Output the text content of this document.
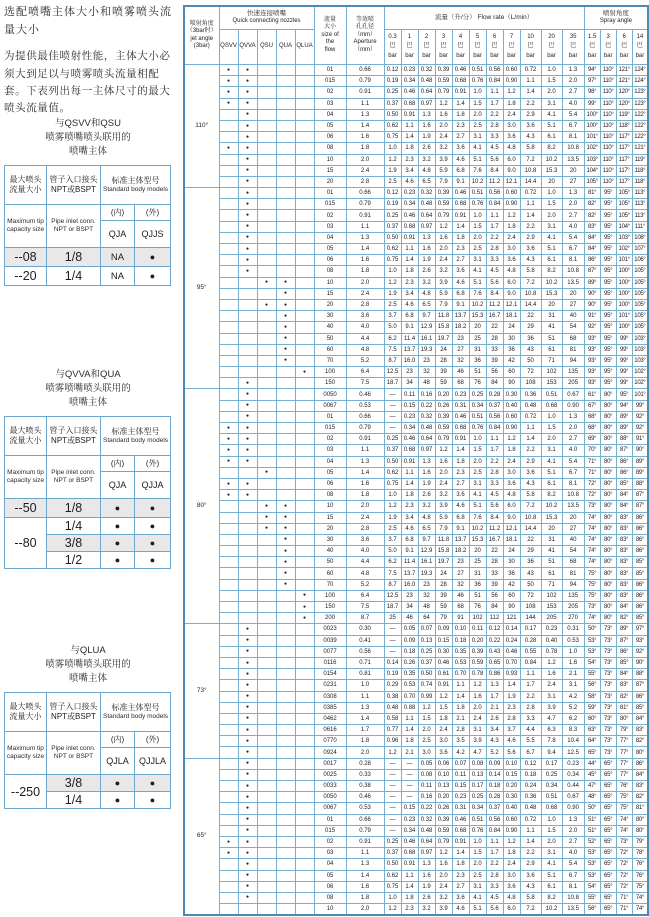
选配喷嘴主体大小和喷雾喷头流量大小
为提供最佳喷射性能，主体大小必须大到足以与喷雾喷头流量相配套。下表列出每一主体尺寸的最大喷头流量值。
与QSVV和QSU
喷雾喷嘴喷头联用的
喷嘴主体
最大喷头流量大小	管子入口接头NPT或BSPT	标准主体型号
Standard body models	

Maximum tip capacity size	Pipe inlet conn. NPT or BSPT	(内)	(外)
		QJA	QJJS
--08	1/8	NA	●
--20	1/4	NA	●
与QVVA和QUA
喷雾喷嘴喷头联用的
喷嘴主体
最大喷头流量大小	管子入口接头NPT或BSPT	标准主体型号
Standard body models	

Maximum tip capacity size	Pipe inlet conn. NPT or BSPT	(内)	(外)
		QJA	QJJA
--50	1/8	●	●
--80	1/4	●	●
	3/8	●	●
	1/2	●	●
与QLUA
喷雾喷嘴喷头联用的
喷嘴主体
最大喷头流量大小	管子入口接头NPT或BSPT	标准主体型号
Standard body models	

Maximum tip capacity size	Pipe inlet conn. NPT or BSPT	(内)	(外)
		QJLA	QJJLA
--250	3/8	●	●
	1/4	●	●
喷射角度
（3bar时）
jet angle
(3bar)

快速连接喷嘴
Quick connecting nozzles	流量
大小
size of
the
flow

等效喷
孔孔径
（mm）
Aperture
（mm）

流量（升/分） Flow rate（L/min）

喷射角度
Spray angle

QSVV	QVVA	QSU	QUA	QLUA	
0.3
巴
bar

1
巴
bar

2
巴
bar

3
巴
bar

4
巴
bar

5
巴
bar

6
巴
bar

7
巴
bar

10
巴
bar

20
巴
bar

35
巴
bar

1.5
巴
bar

3
巴
bar

6
巴
bar

14
巴
bar

110°	●	●				01	0.66	0.12	0.23	0.32	0.39	0.46	0.51	0.56	0.60	0.72	1.0	1.3	94°	110°	121°	124°
	●	●				015	0.79	0.19	0.34	0.48	0.59	0.68	0.76	0.84	0.90	1.1	1.5	2.0	97°	110°	121°	124°
	●	●				02	0.91	0.25	0.46	0.64	0.79	0.91	1.0	1.1	1.2	1.4	2.0	2.7	98°	110°	120°	123°
	●	●				03	1.1	0.37	0.68	0.97	1.2	1.4	1.5	1.7	1.8	2.2	3.1	4.0	99°	110°	120°	123°
		●				04	1.3	0.50	0.91	1.3	1.6	1.8	2.0	2.2	2.4	2.9	4.1	5.4	100°	110°	119°	122°
		●				05	1.4	0.62	1.1	1.6	2.0	2.3	2.5	2.8	3.0	3.6	5.1	6.7	100°	110°	118°	122°
		●				06	1.6	0.75	1.4	1.9	2.4	2.7	3.1	3.3	3.6	4.3	6.1	8.1	101°	110°	117°	122°
	●	●				08	1.8	1.0	1.8	2.6	3.2	3.6	4.1	4.5	4.8	5.8	8.2	10.8	102°	110°	117°	121°
		●				10	2.0	1.2	2.3	3.2	3.9	4.6	5.1	5.6	6.0	7.2	10.2	13.5	103°	110°	117°	119°
		●				15	2.4	1.9	3.4	4.8	5.9	6.8	7.6	8.4	9.0	10.8	15.3	20	104°	110°	117°	118°
		●				20	2.8	2.5	4.6	6.5	7.9	9.1	10.2	11.2	12.1	14.4	20	27	105°	110°	117°	118°
95°		●				01	0.66	0.12	0.23	0.32	0.39	0.46	0.51	0.56	0.60	0.72	1.0	1.3	81°	95°	105°	113°
		●				015	0.79	0.19	0.34	0.48	0.59	0.68	0.76	0.84	0.90	1.1	1.5	2.0	82°	95°	105°	113°
		●				02	0.91	0.25	0.46	0.64	0.79	0.91	1.0	1.1	1.2	1.4	2.0	2.7	82°	95°	105°	113°
		●				03	1.1	0.37	0.68	0.97	1.2	1.4	1.5	1.7	1.8	2.2	3.1	4.0	83°	95°	104°	111°
		●				04	1.3	0.50	0.91	1.3	1.6	1.8	2.0	2.2	2.4	2.9	4.1	5.4	84°	95°	103°	108°
		●				05	1.4	0.62	1.1	1.6	2.0	2.3	2.5	2.8	3.0	3.6	5.1	6.7	84°	95°	102°	107°
		●				06	1.6	0.75	1.4	1.9	2.4	2.7	3.1	3.3	3.6	4.3	6.1	8.1	86°	95°	101°	106°
		●				08	1.8	1.0	1.8	2.6	3.2	3.6	4.1	4.5	4.8	5.8	8.2	10.8	87°	95°	100°	105°
			●	●		10	2.0	1.2	2.3	3.2	3.9	4.6	5.1	5.6	6.0	7.2	10.2	13.5	89°	95°	100°	105°
				●		15	2.4	1.9	3.4	4.8	5.9	6.8	7.6	8.4	9.0	10.8	15.3	20	90°	95°	100°	105°
			●	●		20	2.8	2.5	4.6	6.5	7.9	9.1	10.2	11.2	12.1	14.4	20	27	90°	95°	100°	105°
				●		30	3.6	3.7	6.8	9.7	11.8	13.7	15.3	16.7	18.1	22	31	40	91°	95°	101°	105°
				●		40	4.0	5.0	9.1	12.9	15.8	18.2	20	22	24	29	41	54	92°	95°	100°	105°
				●		50	4.4	6.2	11.4	16.1	19.7	23	25	28	30	36	51	68	93°	95°	99°	103°
				●		60	4.8	7.5	13.7	19.3	24	27	31	33	36	43	61	81	93°	95°	99°	103°
				●		70	5.2	8.7	16.0	23	28	32	36	39	42	50	71	94	93°	95°	99°	103°
					●	100	6.4	12.5	23	32	39	46	51	56	60	72	102	135	93°	95°	99°	102°
		●				150	7.5	18.7	34	48	59	68	76	84	90	108	153	205	93°	95°	99°	102°
80°		●				0050	0.46	—	0.11	0.16	0.20	0.23	0.25	0.28	0.30	0.36	0.51	0.67	61°	80°	95°	101°
		●				0067	0.53	—	0.15	0.22	0.26	0.31	0.34	0.37	0.40	0.48	0.68	0.90	67°	80°	94°	99°
		●				01	0.66	—	0.23	0.32	0.39	0.46	0.51	0.56	0.60	0.72	1.0	1.3	68°	80°	89°	92°
	●	●				015	0.79	—	0.34	0.48	0.59	0.68	0.76	0.84	0.90	1.1	1.5	2.0	68°	80°	89°	92°
	●	●				02	0.91	0.25	0.46	0.64	0.79	0.91	1.0	1.1	1.2	1.4	2.0	2.7	69°	80°	88°	91°
	●	●				03	1.1	0.37	0.68	0.97	1.2	1.4	1.5	1.7	1.8	2.2	3.1	4.0	70°	80°	87°	90°
	●	●				04	1.3	0.50	0.91	1.3	1.6	1.8	2.0	2.2	2.4	2.9	4.1	5.4	71°	80°	86°	89°
			●			05	1.4	0.62	1.1	1.6	2.0	2.3	2.5	2.8	3.0	3.6	5.1	6.7	71°	80°	86°	89°
	●	●				06	1.6	0.75	1.4	1.9	2.4	2.7	3.1	3.3	3.6	4.3	6.1	8.1	72°	80°	85°	88°
	●	●				08	1.8	1.0	1.8	2.6	3.2	3.6	4.1	4.5	4.8	5.8	8.2	10.8	72°	80°	84°	87°
			●	●		10	2.0	1.2	2.3	3.2	3.9	4.6	5.1	5.6	6.0	7.2	10.2	13.5	73°	80°	84°	87°
			●	●		15	2.4	1.9	3.4	4.8	5.9	6.8	7.6	8.4	9.0	10.8	15.3	20	74°	80°	83°	86°
			●	●		20	2.8	2.5	4.6	6.5	7.9	9.1	10.2	11.2	12.1	14.4	20	27	74°	80°	83°	86°
				●		30	3.6	3.7	6.8	9.7	11.8	13.7	15.3	16.7	18.1	22	31	40	74°	80°	83°	86°
				●		40	4.0	5.0	9.1	12.9	15.8	18.2	20	22	24	29	41	54	74°	80°	83°	86°
				●		50	4.4	6.2	11.4	16.1	19.7	23	25	28	30	36	51	68	74°	80°	83°	85°
				●		60	4.8	7.5	13.7	19.3	24	27	31	33	36	43	61	81	75°	80°	83°	85°
				●		70	5.2	8.7	16.0	23	28	32	36	39	42	50	71	94	75°	80°	83°	86°
					●	100	6.4	12.5	23	32	39	46	51	56	60	72	102	135	75°	80°	83°	86°
					●	150	7.5	18.7	34	48	59	68	76	84	90	108	153	205	73°	80°	84°	86°
					●	200	8.7	25	46	64	79	91	102	112	121	144	205	270	74°	80°	82°	85°
73°		●				0023	0.30	—	0.05	0.07	0.09	0.10	0.11	0.12	0.14	0.17	0.23	0.31	50°	73°	89°	97°
		●				0039	0.41	—	0.09	0.13	0.15	0.18	0.20	0.22	0.24	0.28	0.40	0.53	53°	73°	87°	93°
		●				0077	0.56	—	0.18	0.25	0.30	0.35	0.39	0.43	0.46	0.55	0.78	1.0	53°	73°	86°	92°
		●				0116	0.71	0.14	0.26	0.37	0.46	0.53	0.59	0.65	0.70	0.84	1.2	1.6	54°	73°	85°	90°
		●				0154	0.81	0.19	0.35	0.50	0.61	0.70	0.78	0.86	0.93	1.1	1.6	2.1	55°	73°	84°	88°
		●				0231	1.0	0.29	0.53	0.74	0.91	1.1	1.2	1.3	1.4	1.7	2.4	3.1	56°	73°	83°	87°
		●				0308	1.1	0.38	0.70	0.99	1.2	1.4	1.6	1.7	1.9	2.2	3.1	4.2	58°	73°	82°	86°
		●				0385	1.3	0.48	0.88	1.2	1.5	1.8	2.0	2.1	2.3	2.8	3.9	5.2	59°	73°	81°	85°
		●				0462	1.4	0.58	1.1	1.5	1.8	2.1	2.4	2.6	2.8	3.3	4.7	6.2	60°	73°	80°	84°
		●				0616	1.7	0.77	1.4	2.0	2.4	2.8	3.1	3.4	3.7	4.4	6.3	8.3	63°	73°	79°	83°
		●				0770	1.8	0.96	1.8	2.5	3.0	3.5	3.9	4.3	4.6	5.5	7.8	10.4	64°	73°	77°	82°
		●				0924	2.0	1.2	2.1	3.0	3.6	4.2	4.7	5.2	5.6	6.7	9.4	12.5	65°	73°	77°	80°
65°		●				0017	0.28	—	—	0.05	0.06	0.07	0.08	0.09	0.10	0.12	0.17	0.23	44°	65°	77°	86°
		●				0025	0.33	—	—	0.08	0.10	0.11	0.13	0.14	0.15	0.18	0.25	0.34	45°	65°	77°	84°
		●				0033	0.38	—	—	0.11	0.13	0.15	0.17	0.18	0.20	0.24	0.34	0.44	47°	65°	76°	83°
		●				0050	0.46	—	—	0.16	0.20	0.23	0.25	0.28	0.30	0.36	0.51	0.67	48°	65°	75°	82°
		●				0067	0.53	—	0.15	0.22	0.26	0.31	0.34	0.37	0.40	0.48	0.68	0.90	50°	65°	75°	81°
		●				01	0.66	—	0.23	0.32	0.39	0.46	0.51	0.56	0.60	0.72	1.0	1.3	51°	65°	74°	80°
		●				015	0.79	—	0.34	0.48	0.59	0.68	0.76	0.84	0.90	1.1	1.5	2.0	51°	65°	74°	80°
	●	●				02	0.91	0.25	0.46	0.64	0.79	0.91	1.0	1.1	1.2	1.4	2.0	2.7	52°	65°	73°	79°
	●	●				03	1.1	0.37	0.68	0.97	1.2	1.4	1.5	1.7	1.8	2.2	3.1	4.0	53°	65°	72°	78°
		●				04	1.3	0.50	0.91	1.3	1.6	1.8	2.0	2.2	2.4	2.9	4.1	5.4	53°	65°	72°	76°
		●				05	1.4	0.62	1.1	1.6	2.0	2.3	2.5	2.8	3.0	3.6	5.1	6.7	53°	65°	72°	76°
		●				06	1.6	0.75	1.4	1.9	2.4	2.7	3.1	3.3	3.6	4.3	6.1	8.1	54°	65°	72°	75°
		●				08	1.8	1.0	1.8	2.6	3.2	3.6	4.1	4.5	4.8	5.8	8.2	10.8	55°	65°	71°	74°
						10	2.0	1.2	2.3	3.2	3.9	4.6	5.1	5.6	6.0	7.2	10.2	13.5	56°	65°	71°	74°
